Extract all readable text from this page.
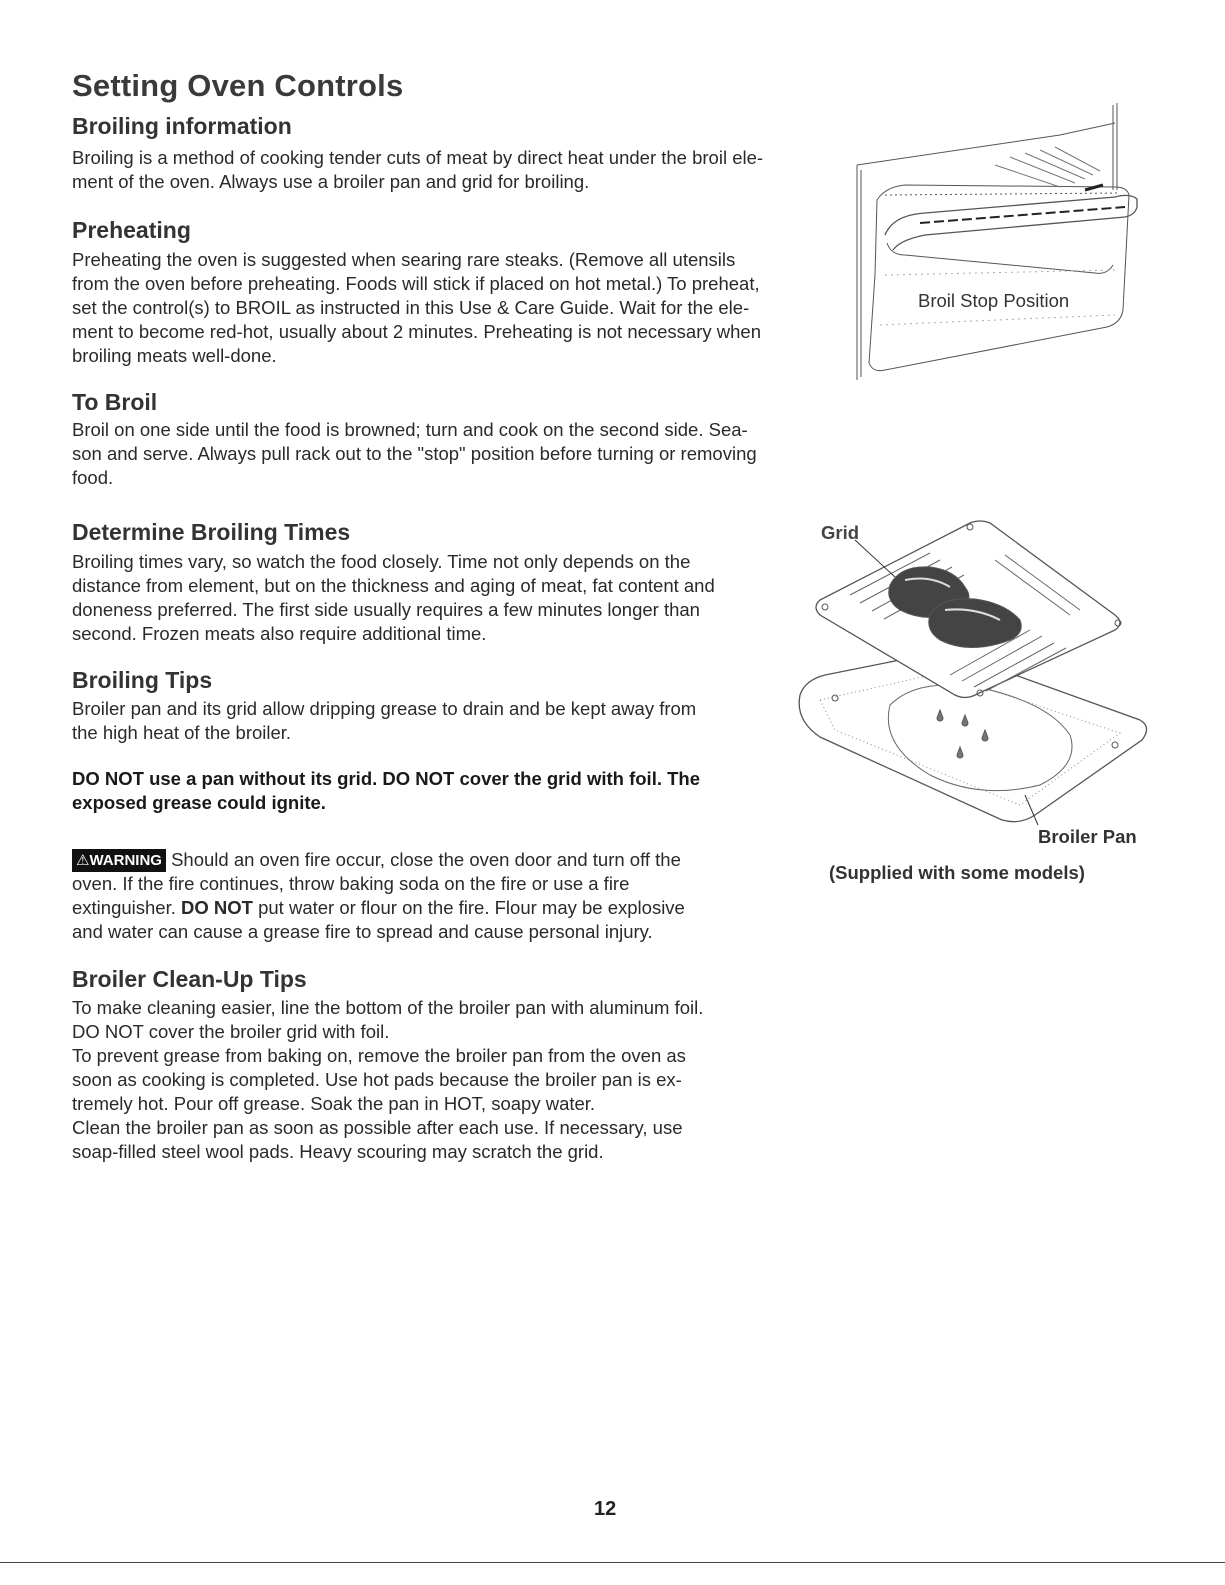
Setting Oven Controls
Broiling information
Broiling is a method of cooking tender cuts of meat by direct heat under the broil ele-
ment of the oven. Always use a broiler pan and grid for broiling.
Preheating
Preheating the oven is suggested when searing rare steaks. (Remove all utensils
from the oven before preheating. Foods will stick if placed on hot metal.) To preheat,
set the control(s) to BROIL as instructed in this Use & Care Guide. Wait for the ele-
ment to become red-hot, usually about 2 minutes. Preheating is not necessary when
broiling meats well-done.
To Broil
Broil on one side until the food is browned; turn and cook on the second side. Sea-
son and serve. Always pull rack out to the "stop" position before turning or removing
food.
Determine Broiling Times
Broiling times vary, so watch the food closely. Time not only depends on the
distance from element, but on the thickness and aging of meat, fat content and
doneness preferred. The first side usually requires a few minutes longer than
second. Frozen meats also require additional time.
Broiling Tips
Broiler pan and its grid allow dripping grease to drain and be kept away from
the high heat of the broiler.
DO NOT use a pan without its grid. DO NOT cover the grid with foil. The
exposed grease could ignite.
⚠WARNING Should an oven fire occur, close the oven door and turn off the
oven. If the fire continues, throw baking soda on the fire or use a fire
extinguisher. DO NOT put water or flour on the fire. Flour may be explosive
and water can cause a grease fire to spread and cause personal injury.
Broiler Clean-Up Tips
To make cleaning easier, line the bottom of the broiler pan with aluminum foil.
DO NOT cover the broiler grid with foil.
To prevent grease from baking on, remove the broiler pan from the oven as
soon as cooking is completed. Use hot pads because the broiler pan is ex-
tremely hot. Pour off grease. Soak the pan in HOT, soapy water.
Clean the broiler pan as soon as possible after each use. If necessary, use
soap-filled steel wool pads. Heavy scouring may scratch the grid.
Broil Stop Position
Grid
Broiler Pan
(Supplied with some models)
12
